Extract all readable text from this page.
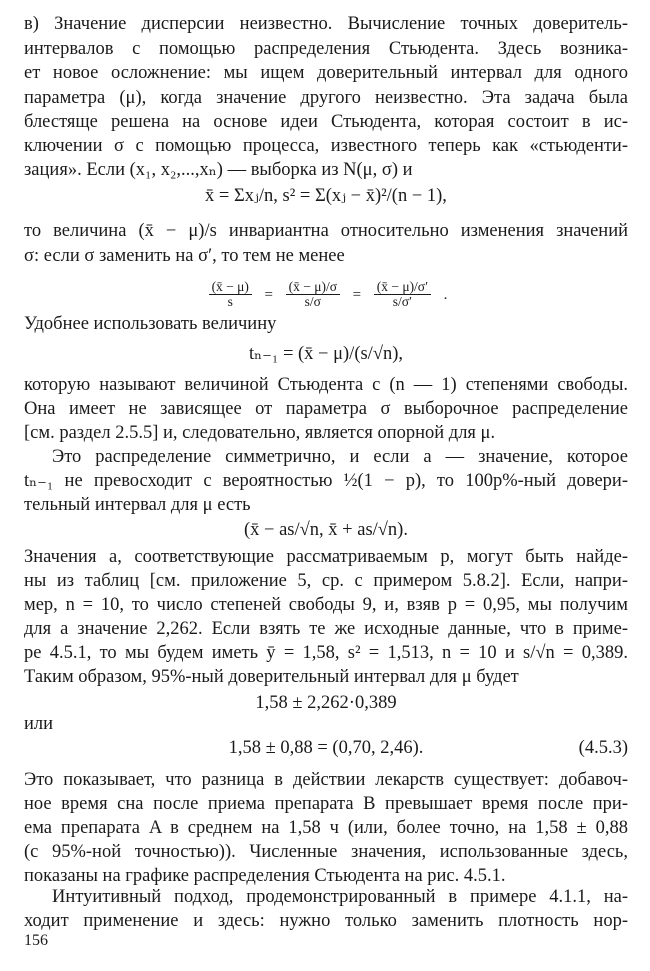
в) Значение дисперсии неизвестно. Вычисление точных доверитель-
интервалов с помощью распределения Стьюдента. Здесь возника-
ет новое осложнение: мы ищем доверительный интервал для одного
параметра (μ), когда значение другого неизвестно. Эта задача была
блестяще решена на основе идеи Стьюдента, которая состоит в ис-
ключении σ с помощью процесса, известного теперь как «стьюденти-
зация». Если (x₁, x₂,...,xₙ) — выборка из N(μ, σ) и
x̄ = Σxⱼ/n, s² = Σ(xⱼ − x̄)²/(n − 1),
то величина (x̄ − μ)/s инвариантна относительно изменения значений
σ: если σ заменить на σ′, то тем не менее
$\frac{(x̄ - \mu)}{s} = \frac{(x̄ - \mu)/\sigma}{s/\sigma} = \frac{(x̄ - \mu)/\sigma'}{s/\sigma'}$ .
Удобнее использовать величину
tₙ₋₁ = (x̄ − μ)/(s/√n),
которую называют величиной Стьюдента с (n — 1) степенями свободы.
Она имеет не зависящее от параметра σ выборочное распределение
[см. раздел 2.5.5] и, следовательно, является опорной для μ.
Это распределение симметрично, и если a — значение, которое
tₙ₋₁ не превосходит с вероятностью ½(1 − p), то 100p%-ный довери-
тельный интервал для μ есть
(x̄ − as/√n, x̄ + as/√n).
Значения a, соответствующие рассматриваемым p, могут быть найде-
ны из таблиц [см. приложение 5, ср. с примером 5.8.2]. Если, напри-
мер, n = 10, то число степеней свободы 9, и, взяв p = 0,95, мы получим
для a значение 2,262. Если взять те же исходные данные, что в приме-
ре 4.5.1, то мы будем иметь ȳ = 1,58, s² = 1,513, n = 10 и s/√n = 0,389.
Таким образом, 95%-ный доверительный интервал для μ будет
1,58 ± 2,262·0,389
или
1,58 ± 0,88 = (0,70, 2,46).	(4.5.3)
Это показывает, что разница в действии лекарств существует: добавоч-
ное время сна после приема препарата B превышает время после при-
ема препарата A в среднем на 1,58 ч (или, более точно, на 1,58 ± 0,88
(с 95%-ной точностью)). Численные значения, использованные здесь,
показаны на графике распределения Стьюдента на рис. 4.5.1.
Интуитивный подход, продемонстрированный в примере 4.1.1, на-
ходит применение и здесь: нужно только заменить плотность нор-
156
